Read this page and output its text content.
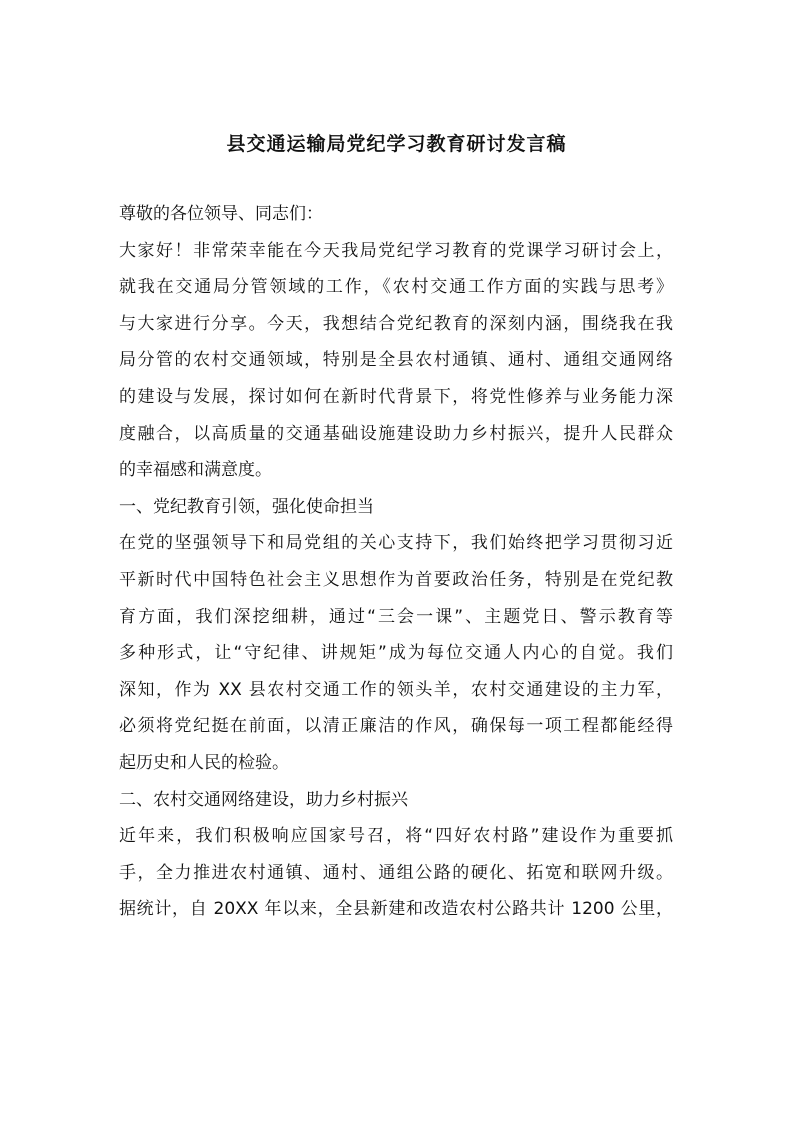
县交通运输局党纪学习教育研讨发言稿

尊敬的各位领导、同志们：

大家好！非常荣幸能在今天我局党纪学习教育的党课学习研讨会上，
就我在交通局分管领域的工作，《农村交通工作方面的实践与思考》
与大家进行分享。今天，我想结合党纪教育的深刻内涵，围绕我在我
局分管的农村交通领域，特别是全县农村通镇、通村、通组交通网络
的建设与发展，探讨如何在新时代背景下，将党性修养与业务能力深
度融合，以高质量的交通基础设施建设助力乡村振兴，提升人民群众
的幸福感和满意度。

一、党纪教育引领，强化使命担当

在党的坚强领导下和局党组的关心支持下，我们始终把学习贯彻习近
平新时代中国特色社会主义思想作为首要政治任务，特别是在党纪教
育方面，我们深挖细耕，通过“三会一课”、主题党日、警示教育等
多种形式，让“守纪律、讲规矩”成为每位交通人内心的自觉。我们
深知，作为 XX 县农村交通工作的领头羊，农村交通建设的主力军，
必须将党纪挺在前面，以清正廉洁的作风，确保每一项工程都能经得
起历史和人民的检验。

二、农村交通网络建设，助力乡村振兴

近年来，我们积极响应国家号召，将“四好农村路”建设作为重要抓
手，全力推进农村通镇、通村、通组公路的硬化、拓宽和联网升级。
据统计，自 20XX 年以来，全县新建和改造农村公路共计 1200 公里，
